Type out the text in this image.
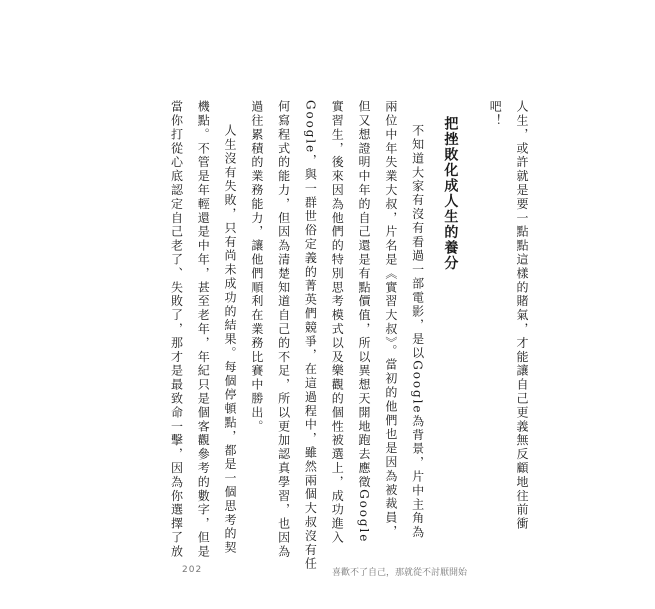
人生，或許就是要一點點這樣的賭氣，才能讓自己更義無反顧地往前衝

吧！

把挫敗化成人生的養分

不知道大家有沒有看過一部電影，是以Google為背景，片中主角為

兩位中年失業大叔，片名是《實習大叔》。當初的他們也是因為被裁員，

但又想證明中年的自己還是有點價值，所以異想天開地跑去應徵Google

實習生，後來因為他們的特別思考模式以及樂觀的個性被選上，成功進入

Google，與一群世俗定義的菁英們競爭，在這過程中，雖然兩個大叔沒有任

何寫程式的能力，但因為清楚知道自己的不足，所以更加認真學習，也因為

過往累積的業務能力，讓他們順利在業務比賽中勝出。

人生沒有失敗，只有尚未成功的結果。每個停頓點，都是一個思考的契

機點。不管是年輕還是中年，甚至老年，年紀只是個客觀參考的數字，但是

當你打從心底認定自己老了、失敗了，那才是最致命一擊，因為你選擇了放

202	喜歡不了自己，那就從不討厭開始
